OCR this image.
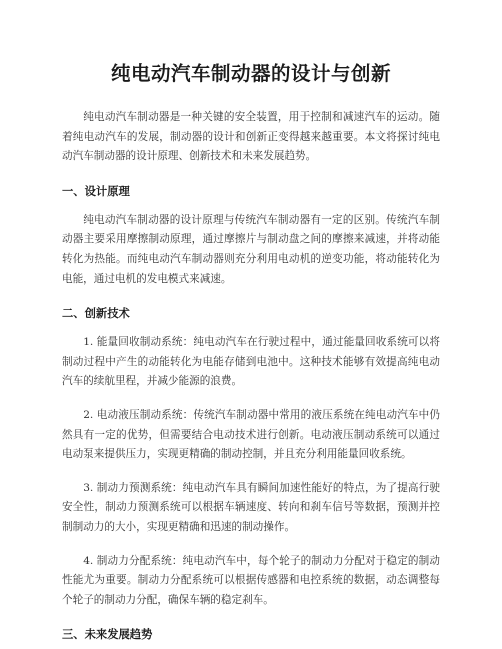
纯电动汽车制动器的设计与创新

纯电动汽车制动器是一种关键的安全装置，用于控制和减速汽车的运动。随着纯电动汽车的发展，制动器的设计和创新正变得越来越重要。本文将探讨纯电动汽车制动器的设计原理、创新技术和未来发展趋势。

一、设计原理

纯电动汽车制动器的设计原理与传统汽车制动器有一定的区别。传统汽车制动器主要采用摩擦制动原理，通过摩擦片与制动盘之间的摩擦来减速，并将动能转化为热能。而纯电动汽车制动器则充分利用电动机的逆变功能，将动能转化为电能，通过电机的发电模式来减速。

二、创新技术

1. 能量回收制动系统：纯电动汽车在行驶过程中，通过能量回收系统可以将制动过程中产生的动能转化为电能存储到电池中。这种技术能够有效提高纯电动汽车的续航里程，并减少能源的浪费。

2. 电动液压制动系统：传统汽车制动器中常用的液压系统在纯电动汽车中仍然具有一定的优势，但需要结合电动技术进行创新。电动液压制动系统可以通过电动泵来提供压力，实现更精确的制动控制，并且充分利用能量回收系统。

3. 制动力预测系统：纯电动汽车具有瞬间加速性能好的特点，为了提高行驶安全性，制动力预测系统可以根据车辆速度、转向和刹车信号等数据，预测并控制制动力的大小，实现更精确和迅速的制动操作。

4. 制动力分配系统：纯电动汽车中，每个轮子的制动力分配对于稳定的制动性能尤为重要。制动力分配系统可以根据传感器和电控系统的数据，动态调整每个轮子的制动力分配，确保车辆的稳定刹车。

三、未来发展趋势
